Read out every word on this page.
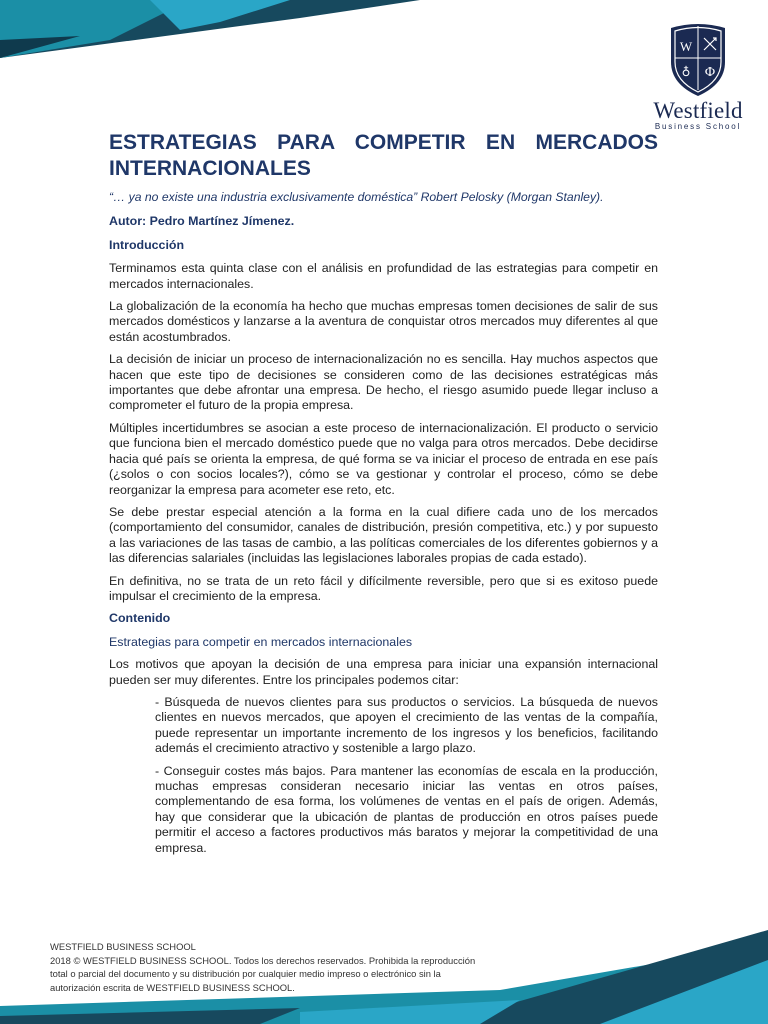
W
♁ Φ
Westfield
Business School
ESTRATEGIAS PARA COMPETIR EN MERCADOS
INTERNACIONALES

“… ya no existe una industria exclusivamente doméstica” Robert Pelosky (Morgan Stanley).

Autor: Pedro Martínez Jímenez.

Introducción

Terminamos esta quinta clase con el análisis en profundidad de las estrategias para competir en mercados internacionales.

La globalización de la economía ha hecho que muchas empresas tomen decisiones de salir de sus mercados domésticos y lanzarse a la aventura de conquistar otros mercados muy diferentes al que están acostumbrados.

La decisión de iniciar un proceso de internacionalización no es sencilla. Hay muchos aspectos que hacen que este tipo de decisiones se consideren como de las decisiones estratégicas más importantes que debe afrontar una empresa. De hecho, el riesgo asumido puede llegar incluso a comprometer el futuro de la propia empresa.

Múltiples incertidumbres se asocian a este proceso de internacionalización. El producto o servicio que funciona bien el mercado doméstico puede que no valga para otros mercados. Debe decidirse hacia qué país se orienta la empresa, de qué forma se va iniciar el proceso de entrada en ese país (¿solos o con socios locales?), cómo se va gestionar y controlar el proceso, cómo se debe reorganizar la empresa para acometer ese reto, etc.

Se debe prestar especial atención a la forma en la cual difiere cada uno de los mercados (comportamiento del consumidor, canales de distribución, presión competitiva, etc.) y por supuesto a las variaciones de las tasas de cambio, a las políticas comerciales de los diferentes gobiernos y a las diferencias salariales (incluidas las legislaciones laborales propias de cada estado).

En definitiva, no se trata de un reto fácil y difícilmente reversible, pero que si es exitoso puede impulsar el crecimiento de la empresa.

Contenido

Estrategias para competir en mercados internacionales

Los motivos que apoyan la decisión de una empresa para iniciar una expansión internacional pueden ser muy diferentes. Entre los principales podemos citar:

- Búsqueda de nuevos clientes para sus productos o servicios. La búsqueda de nuevos clientes en nuevos mercados, que apoyen el crecimiento de las ventas de la compañía, puede representar un importante incremento de los ingresos y los beneficios, facilitando además el crecimiento atractivo y sostenible a largo plazo.

- Conseguir costes más bajos. Para mantener las economías de escala en la producción, muchas empresas consideran necesario iniciar las ventas en otros países, complementando de esa forma, los volúmenes de ventas en el país de origen. Además, hay que considerar que la ubicación de plantas de producción en otros países puede permitir el acceso a factores productivos más baratos y mejorar la competitividad de una empresa.

WESTFIELD BUSINESS SCHOOL
2018 © WESTFIELD BUSINESS SCHOOL. Todos los derechos reservados. Prohibida la reproducción
total o parcial del documento y su distribución por cualquier medio impreso o electrónico sin la
autorización escrita de WESTFIELD BUSINESS SCHOOL.
